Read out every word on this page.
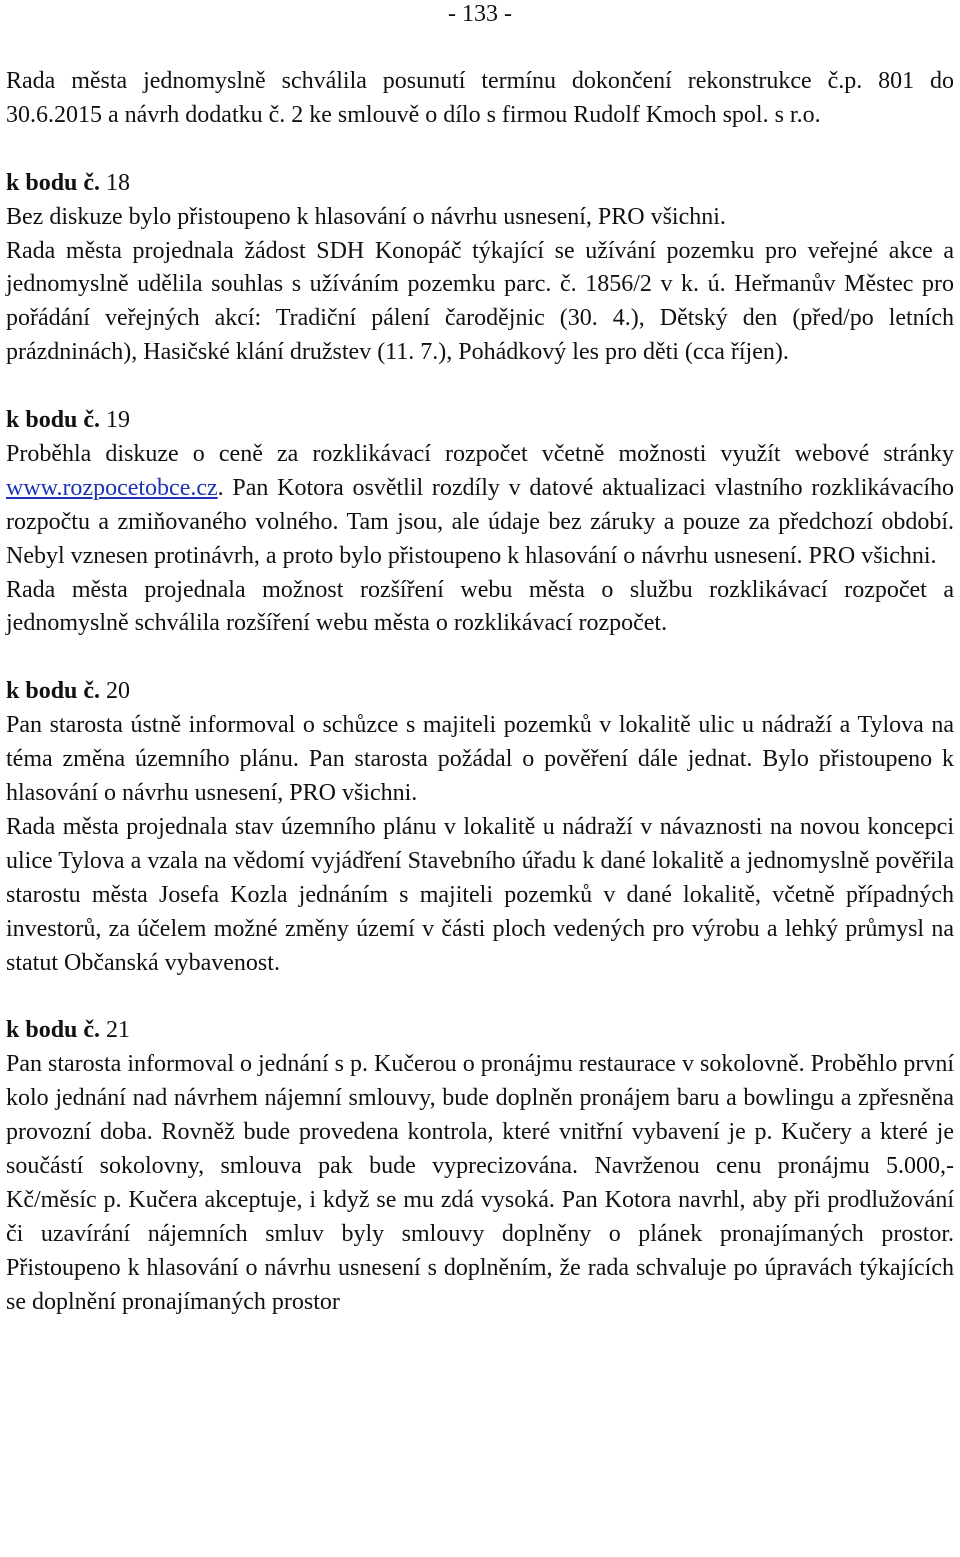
- 133 -

Rada města jednomyslně schválila posunutí termínu dokončení rekonstrukce č.p. 801 do 30.6.2015 a návrh dodatku č. 2 ke smlouvě o dílo s firmou Rudolf Kmoch spol. s r.o.

k bodu č. 18

Bez diskuze bylo přistoupeno k hlasování o návrhu usnesení, PRO všichni.

Rada města projednala žádost SDH Konopáč týkající se užívání pozemku pro veřejné akce a jednomyslně udělila souhlas s užíváním pozemku parc. č. 1856/2 v k. ú. Heřmanův Městec pro pořádání veřejných akcí: Tradiční pálení čarodějnic (30. 4.), Dětský den (před/po letních prázdninách), Hasičské klání družstev (11. 7.), Pohádkový les pro děti (cca říjen).

k bodu č. 19

Proběhla diskuze o ceně za rozklikávací rozpočet včetně možnosti využít webové stránky www.rozpocetobce.cz. Pan Kotora osvětlil rozdíly v datové aktualizaci vlastního rozklikávacího rozpočtu a zmiňovaného volného. Tam jsou, ale údaje bez záruky a pouze za předchozí období. Nebyl vznesen protinávrh, a proto bylo přistoupeno k hlasování o návrhu usnesení. PRO všichni.

Rada města projednala možnost rozšíření webu města o službu rozklikávací rozpočet a jednomyslně schválila rozšíření webu města o rozklikávací rozpočet.

k bodu č. 20

Pan starosta ústně informoval o schůzce s majiteli pozemků v lokalitě ulic u nádraží a Tylova na téma změna územního plánu. Pan starosta požádal o pověření dále jednat. Bylo přistoupeno k hlasování o návrhu usnesení, PRO všichni.

Rada města projednala stav územního plánu v lokalitě u nádraží v návaznosti na novou koncepci ulice Tylova a vzala na vědomí vyjádření Stavebního úřadu k dané lokalitě a jednomyslně pověřila starostu města Josefa Kozla jednáním s majiteli pozemků v dané lokalitě, včetně případných investorů, za účelem možné změny území v části ploch vedených pro výrobu a lehký průmysl na statut Občanská vybavenost.

k bodu č. 21

Pan starosta informoval o jednání s p. Kučerou o pronájmu restaurace v sokolovně. Proběhlo první kolo jednání nad návrhem nájemní smlouvy, bude doplněn pronájem baru a bowlingu a zpřesněna provozní doba. Rovněž bude provedena kontrola, které vnitřní vybavení je p. Kučery a které je součástí sokolovny, smlouva pak bude vyprecizována. Navrženou cenu pronájmu 5.000,- Kč/měsíc p. Kučera akceptuje, i když se mu zdá vysoká. Pan Kotora navrhl, aby při prodlužování či uzavírání nájemních smluv byly smlouvy doplněny o plánek pronajímaných prostor. Přistoupeno k hlasování o návrhu usnesení s doplněním, že rada schvaluje po úpravách týkajících se doplnění pronajímaných prostor
